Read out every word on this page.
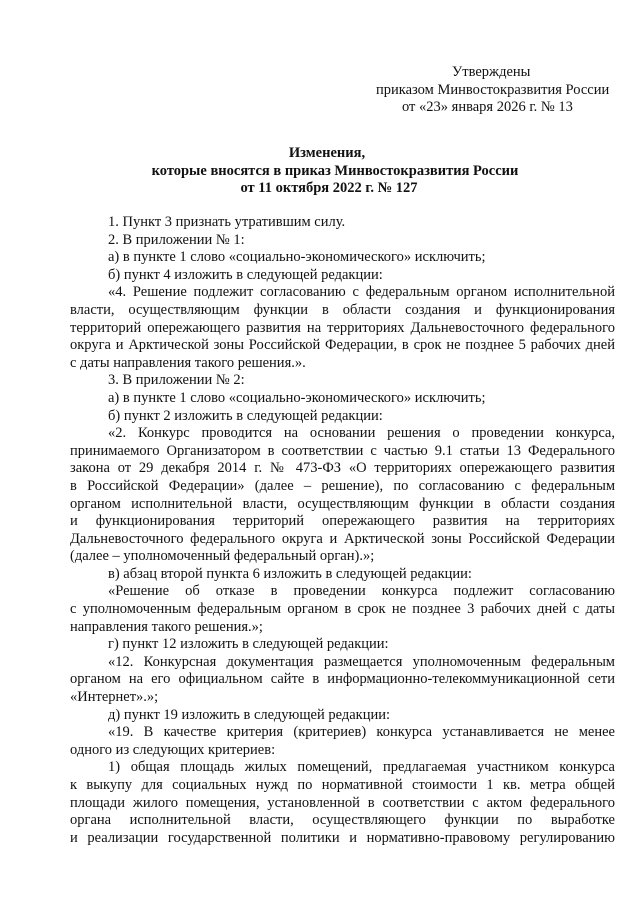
Утверждены
приказом Минвостокразвития России
от «23» января 2026 г. № 13
Изменения,
которые вносятся в приказ Минвостокразвития России
от 11 октября 2022 г. № 127

1. Пункт 3 признать утратившим силу.

2. В приложении № 1:

а) в пункте 1 слово «социально-экономического» исключить;

б) пункт 4 изложить в следующей редакции:

«4. Решение подлежит согласованию с федеральным органом исполнительной
власти, осуществляющим функции в области создания и функционирования
территорий опережающего развития на территориях Дальневосточного федерального
округа и Арктической зоны Российской Федерации, в срок не позднее 5 рабочих дней
с даты направления такого решения.».

3. В приложении № 2:

а) в пункте 1 слово «социально-экономического» исключить;

б) пункт 2 изложить в следующей редакции:

«2. Конкурс проводится на основании решения о проведении конкурса,
принимаемого Организатором в соответствии с частью 9.1 статьи 13 Федерального
закона от 29 декабря 2014 г. № 473-ФЗ «О территориях опережающего развития
в Российской Федерации» (далее – решение), по согласованию с федеральным
органом исполнительной власти, осуществляющим функции в области создания
и функционирования территорий опережающего развития на территориях
Дальневосточного федерального округа и Арктической зоны Российской Федерации
(далее – уполномоченный федеральный орган).»;

в) абзац второй пункта 6 изложить в следующей редакции:

«Решение об отказе в проведении конкурса подлежит согласованию
с уполномоченным федеральным органом в срок не позднее 3 рабочих дней с даты
направления такого решения.»;

г) пункт 12 изложить в следующей редакции:

«12. Конкурсная документация размещается уполномоченным федеральным
органом на его официальном сайте в информационно-телекоммуникационной сети
«Интернет».»;

д) пункт 19 изложить в следующей редакции:

«19. В качестве критерия (критериев) конкурса устанавливается не менее
одного из следующих критериев:
1) общая площадь жилых помещений, предлагаемая участником конкурса
к выкупу для социальных нужд по нормативной стоимости 1 кв. метра общей
площади жилого помещения, установленной в соответствии с актом федерального
органа исполнительной власти, осуществляющего функции по выработке
и реализации государственной политики и нормативно-правовому регулированию
